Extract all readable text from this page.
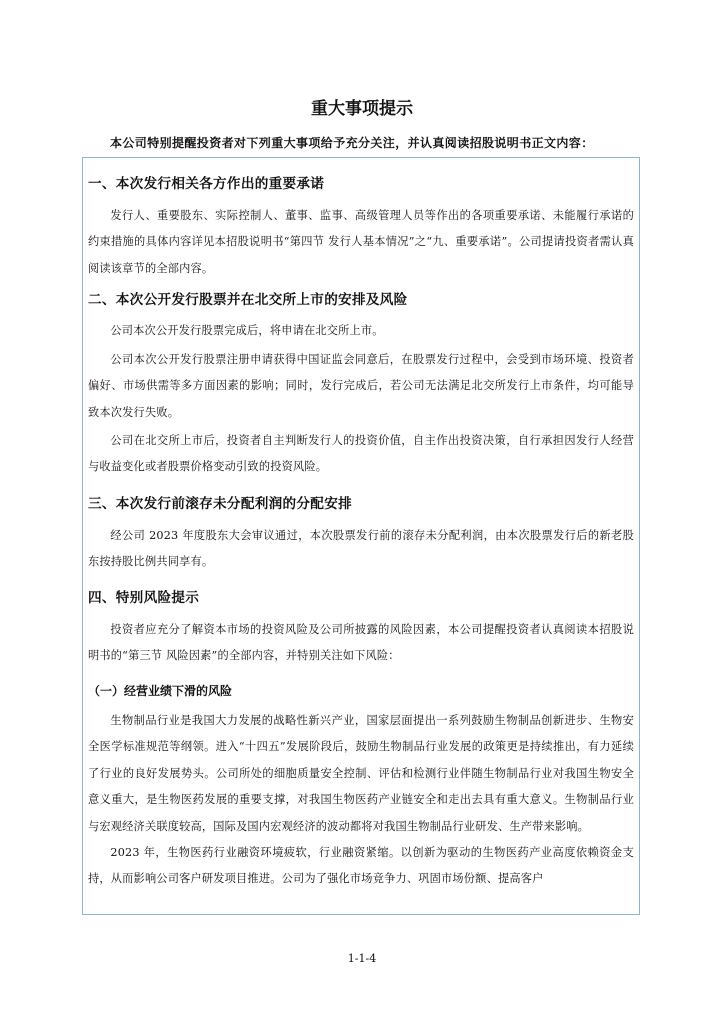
重大事项提示
本公司特别提醒投资者对下列重大事项给予充分关注，并认真阅读招股说明书正文内容：
一、本次发行相关各方作出的重要承诺
发行人、重要股东、实际控制人、董事、监事、高级管理人员等作出的各项重要承诺、未能履行承诺的约束措施的具体内容详见本招股说明书“第四节 发行人基本情况”之“九、重要承诺”。公司提请投资者需认真阅读该章节的全部内容。
二、本次公开发行股票并在北交所上市的安排及风险
公司本次公开发行股票完成后，将申请在北交所上市。
公司本次公开发行股票注册申请获得中国证监会同意后，在股票发行过程中，会受到市场环境、投资者偏好、市场供需等多方面因素的影响；同时，发行完成后，若公司无法满足北交所发行上市条件，均可能导致本次发行失败。
公司在北交所上市后，投资者自主判断发行人的投资价值，自主作出投资决策，自行承担因发行人经营与收益变化或者股票价格变动引致的投资风险。
三、本次发行前滚存未分配利润的分配安排
经公司 2023 年度股东大会审议通过，本次股票发行前的滚存未分配利润，由本次股票发行后的新老股东按持股比例共同享有。
四、特别风险提示
投资者应充分了解资本市场的投资风险及公司所披露的风险因素，本公司提醒投资者认真阅读本招股说明书的“第三节 风险因素”的全部内容，并特别关注如下风险：
（一）经营业绩下滑的风险
生物制品行业是我国大力发展的战略性新兴产业，国家层面提出一系列鼓励生物制品创新进步、生物安全医学标准规范等纲领。进入“十四五”发展阶段后，鼓励生物制品行业发展的政策更是持续推出，有力延续了行业的良好发展势头。公司所处的细胞质量安全控制、评估和检测行业伴随生物制品行业对我国生物安全意义重大，是生物医药发展的重要支撑，对我国生物医药产业链安全和走出去具有重大意义。生物制品行业与宏观经济关联度较高，国际及国内宏观经济的波动都将对我国生物制品行业研发、生产带来影响。
2023 年，生物医药行业融资环境疲软，行业融资紧缩。以创新为驱动的生物医药产业高度依赖资金支持，从而影响公司客户研发项目推进。公司为了强化市场竞争力、巩固市场份额、提高客户
1-1-4
